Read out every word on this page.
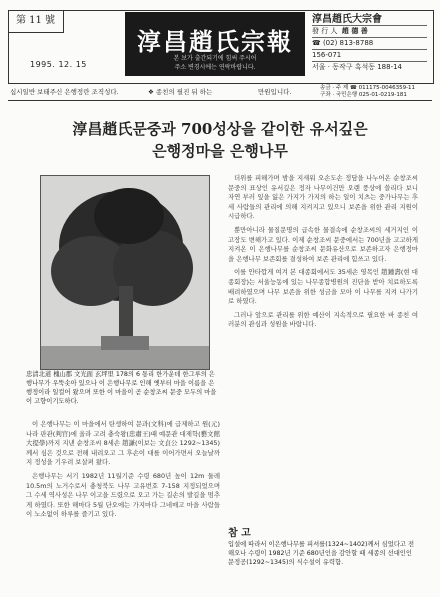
第 11 號
1995. 12. 15
淳昌趙氏宗報
본 보가 출간되기에 힘써 주시어
주소 변경시에는 연락바랍니다.
淳昌趙氏大宗會
發 行 人 趙 德 善
☎ (02) 813-8788
156-071
서울 · 동작구 흑석동 188-14
십시일반 보태주신 은행정란 조직성다.	❖ 종친의 필진 뒤 하는	만원입니다.	송금 · 주 제 ☎ 011175-0046359-11
구좌 · 국민은행 025-01-0219-181
淳昌趙氏문중과 700성상을 같이한 유서깊은
은행정마을 은행나무
忠淸北道 槐山郡 文光面 玄坪里 178의 6 통리 한가운데 한그루의 은행나무가 우뚝솟아 있으나 이 은행나무로 인해 옛부터 마을 이름을 은행정이라 일컬어 왔으며 또한 이 마을이 곧 순창조씨 문중 모두의 마을이 고향이기도하다.

이 은행나무는 이 마을에서 탄생하여 문과(文科)에 급제하고 원(元)나라 판관(判官)에 올라 고려 충숙왕(忠肅王)때 예문관 대제학(藝文館 大提學)까지 지낸 순창조씨 8세손 趙謙(이보는 文貞公 1292~1345)께서 심은 것으로 전해 내려오고 그 후손이 대를 이어가면서 오늘날까지 정성을 기우려 보살펴 왔다.

은행나무는 서기 1982년 11월기준 수령 680년 높이 12m 둘레 10.5m의 노거수로서 충청북도 나무 고유번호 7-158 지정되었으며 그 수세 역사성은 나무 이고을 드렸으로 오고 가는 길손의 발길을 멈추게 하였다. 또한 해마다 5월 단오에는 가지마다 그네매고 마을 사람들이 노소없이 하루를 즐기고 있다.

더위를 피해가며 밤을 지새워 오손도손 정담을 나누어온 순창조씨 문중의 표상인 유서깊은 정자 나무이건만 오랜 풍상에 쓸리다 보니 자연 부러 잎을 잃은 가지가 가지의 하는 일이 치츠는 중가나무는 후세 사람들의 관리에 의해 지켜지고 있으니 보존을 위한 관리 지원이 시급하다.

뿐만아니라 물질문명의 급속한 물결속에 순창조씨의 세거지인 이 고장도 변해가고 있다. 이제 순창조씨 문중에서는 700년을 고고하게 지켜온 이 은행나무를 순창조씨 문화유산으로 보존하고자 은행정마을 은행나무 보존회를 결성하여 보존 관리에 힘쓰고 있다.

이를 안타깝게 여겨 본 대종회에서도 35세손 영목인 趙鍾壽(현 대종회장)는 서울능동에 있는 나무종합병원의 진단을 받아 치료하도록 배려하였으며 나무 보존을 위한 성금을 모아 이 나무를 지켜 나가기로 하였다.

그러나 앞으로 관리를 위한 예산이 지속적으로 필요한 바 종친 여러분의 관심과 성원을 바랍니다.

참 고
입설에 따라서 이은행나무를 피셔를(1324~1402)께서 심었다고 전해오나 수령이 1982년 기준 680년인을 감안할 때 세종의 선대인인 문정공(1292~1345)의 식수설이 유력함.
